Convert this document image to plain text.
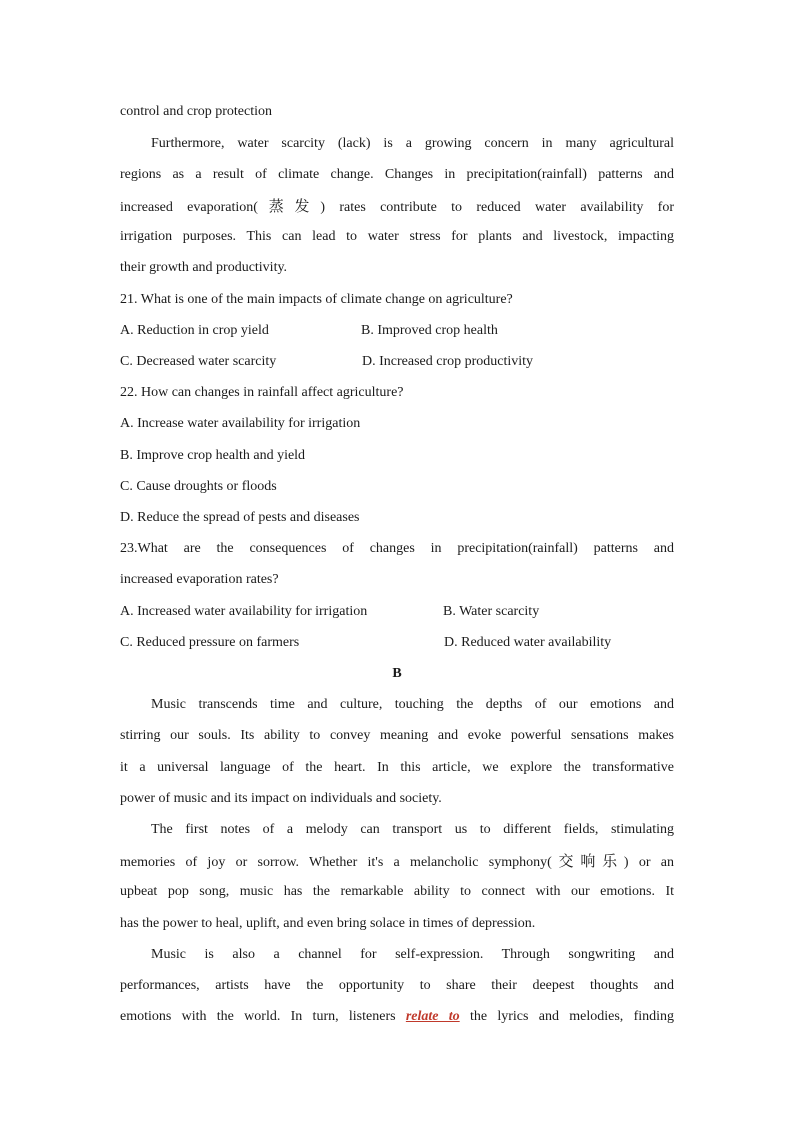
control and crop protection
Furthermore, water scarcity (lack) is a growing concern in many agricultural
regions as a result of climate change. Changes in precipitation(rainfall) patterns and
increased evaporation(蒸发) rates contribute to reduced water availability for
irrigation purposes. This can lead to water stress for plants and livestock, impacting
their growth and productivity.
21. What is one of the main impacts of climate change on agriculture?
A. Reduction in crop yield	B. Improved crop health
C. Decreased water scarcity	D. Increased crop productivity
22. How can changes in rainfall affect agriculture?
A. Increase water availability for irrigation
B. Improve crop health and yield
C. Cause droughts or floods
D. Reduce the spread of pests and diseases
23.What are the consequences of changes in precipitation(rainfall) patterns and
increased evaporation rates?
A. Increased water availability for irrigation	B. Water scarcity
C. Reduced pressure on farmers	D. Reduced water availability
B
Music transcends time and culture, touching the depths of our emotions and
stirring our souls. Its ability to convey meaning and evoke powerful sensations makes
it a universal language of the heart. In this article, we explore the transformative
power of music and its impact on individuals and society.
The first notes of a melody can transport us to different fields, stimulating
memories of joy or sorrow. Whether it's a melancholic symphony(交响乐) or an
upbeat pop song, music has the remarkable ability to connect with our emotions. It
has the power to heal, uplift, and even bring solace in times of depression.
Music is also a channel for self-expression. Through songwriting and
performances, artists have the opportunity to share their deepest thoughts and
emotions with the world. In turn, listeners relate to the lyrics and melodies, finding
